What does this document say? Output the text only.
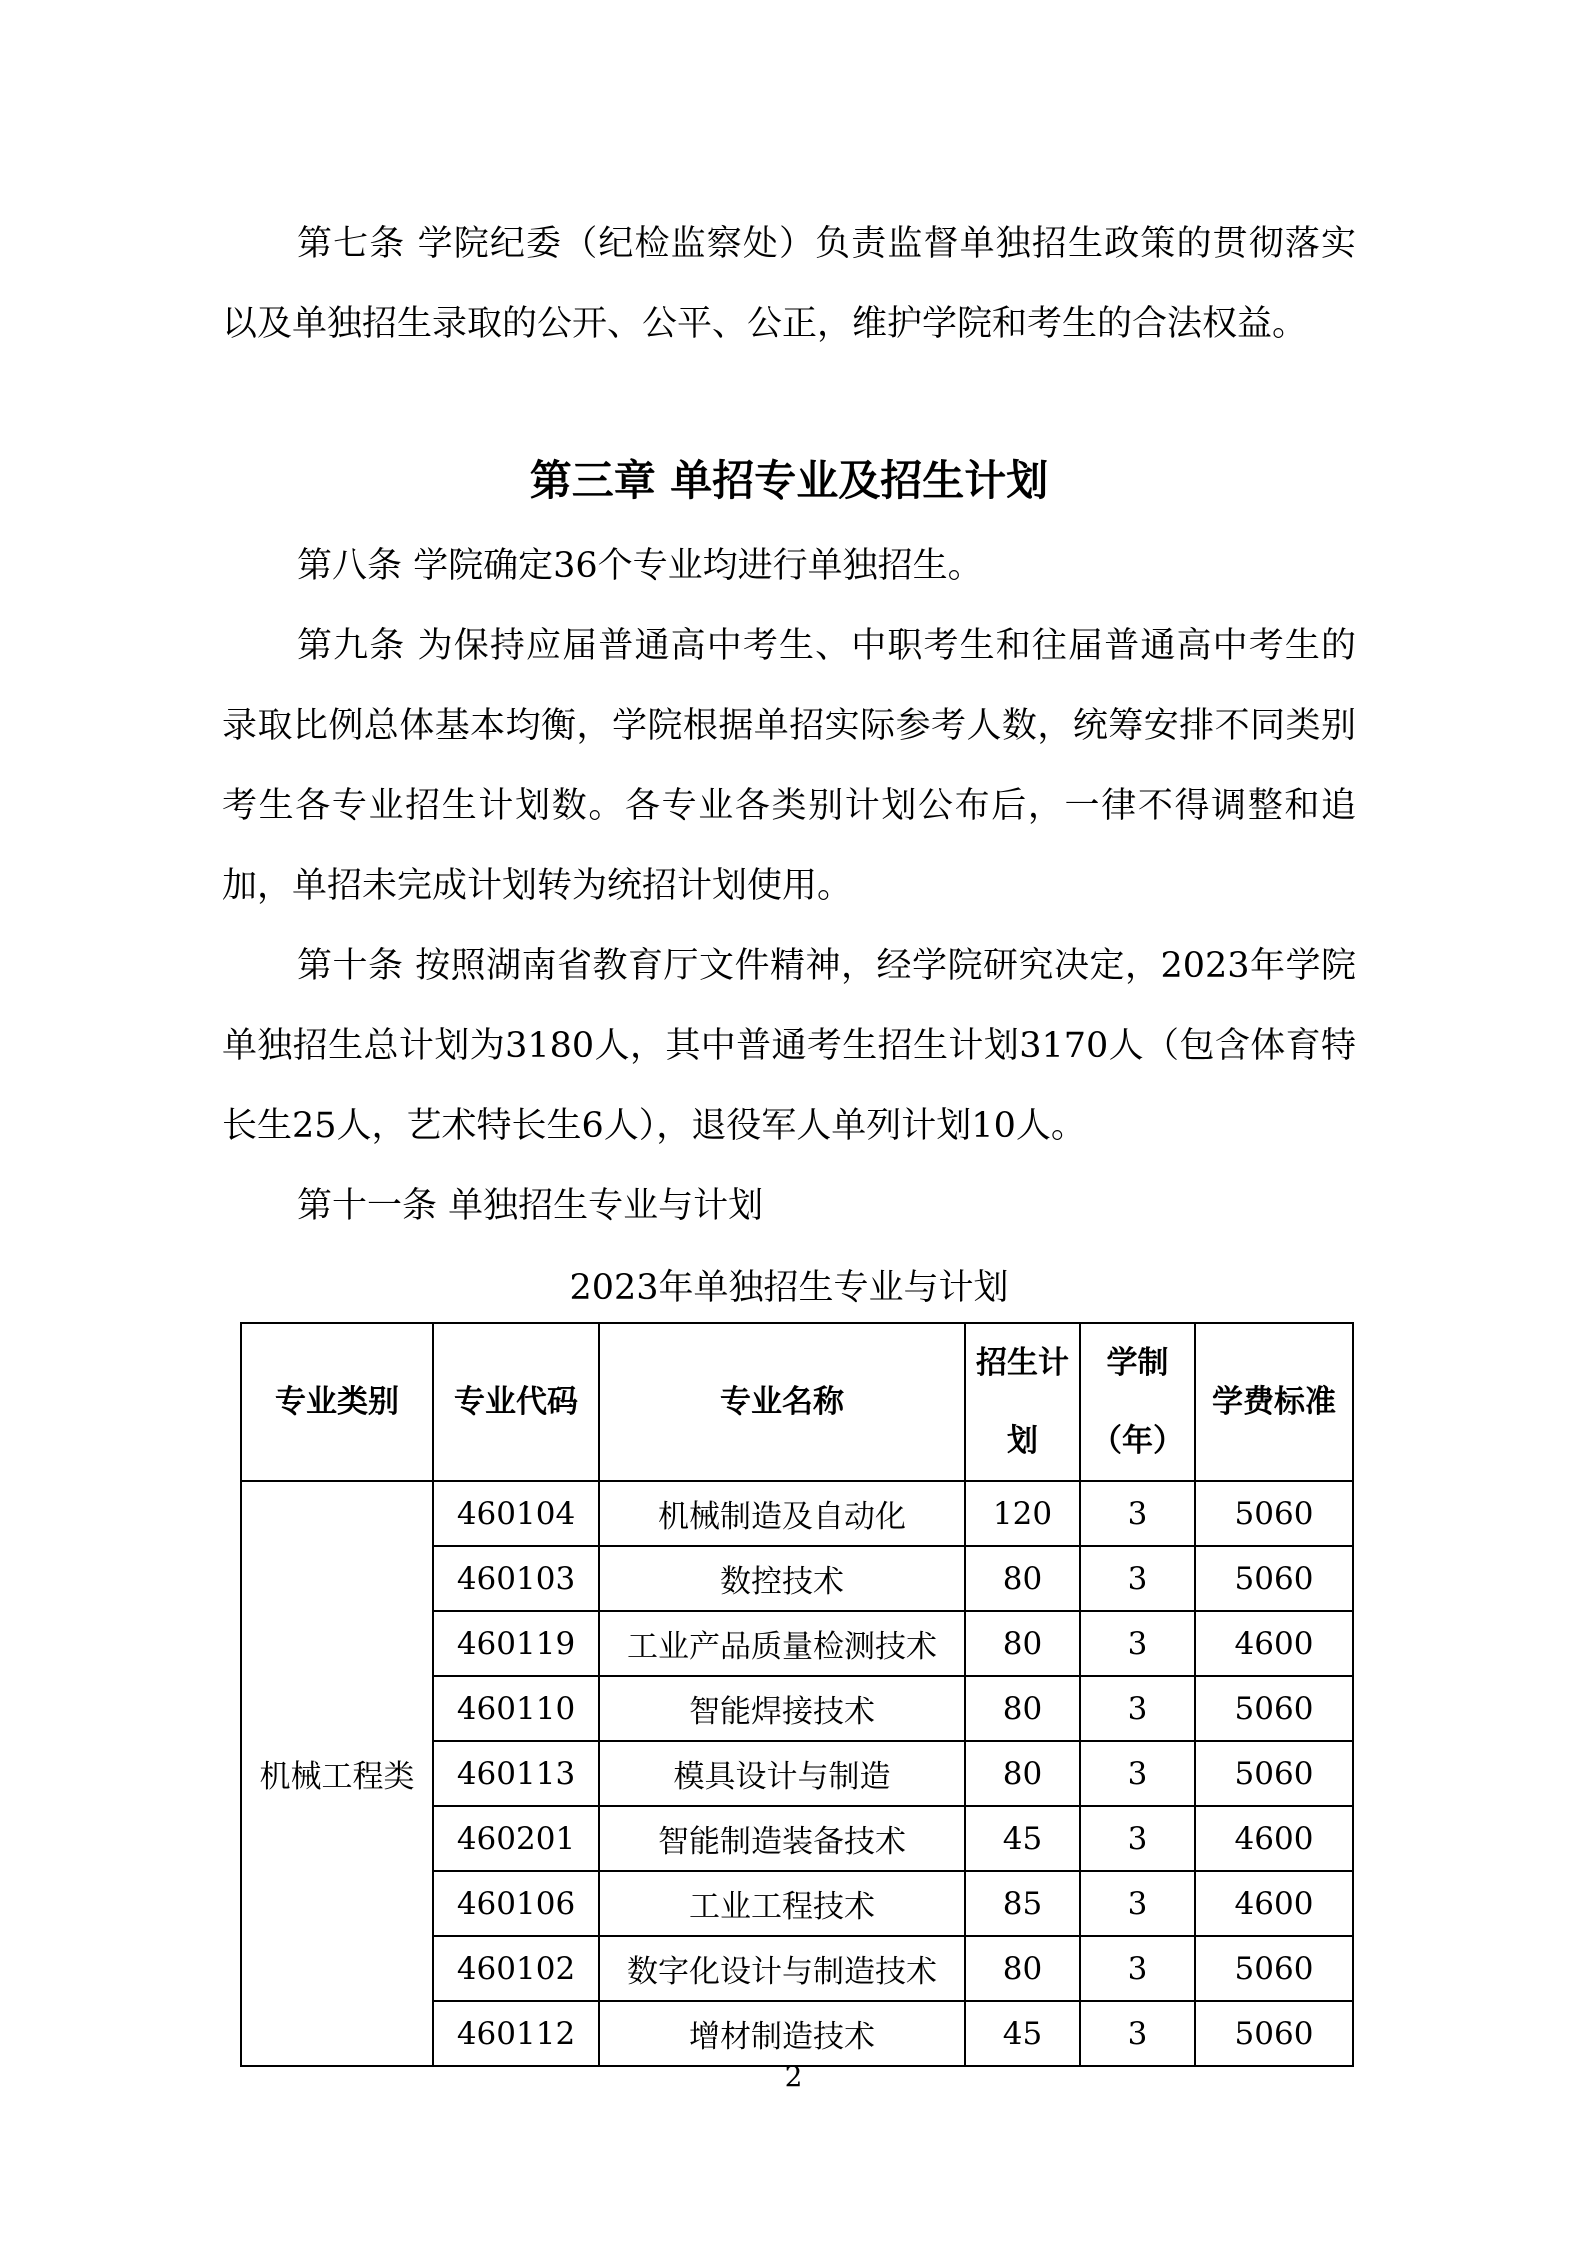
第七条 学院纪委（纪检监察处）负责监督单独招生政策的贯彻落实以及单独招生录取的公开、公平、公正，维护学院和考生的合法权益。

第三章 单招专业及招生计划

第八条 学院确定36个专业均进行单独招生。

第九条 为保持应届普通高中考生、中职考生和往届普通高中考生的录取比例总体基本均衡，学院根据单招实际参考人数，统筹安排不同类别考生各专业招生计划数。各专业各类别计划公布后，一律不得调整和追加，单招未完成计划转为统招计划使用。

第十条 按照湖南省教育厅文件精神，经学院研究决定，2023年学院单独招生总计划为3180人，其中普通考生招生计划3170人（包含体育特长生25人，艺术特长生6人），退役军人单列计划10人。

第十一条 单独招生专业与计划

2023年单独招生专业与计划

专业类别	专业代码	专业名称	招生计划	学制（年）	学费标准
机械工程类	460104	机械制造及自动化	120	3	5060
	460103	数控技术	80	3	5060
	460119	工业产品质量检测技术	80	3	4600
	460110	智能焊接技术	80	3	5060
	460113	模具设计与制造	80	3	5060
	460201	智能制造装备技术	45	3	4600
	460106	工业工程技术	85	3	4600
	460102	数字化设计与制造技术	80	3	5060
	460112	增材制造技术	45	3	5060
2
